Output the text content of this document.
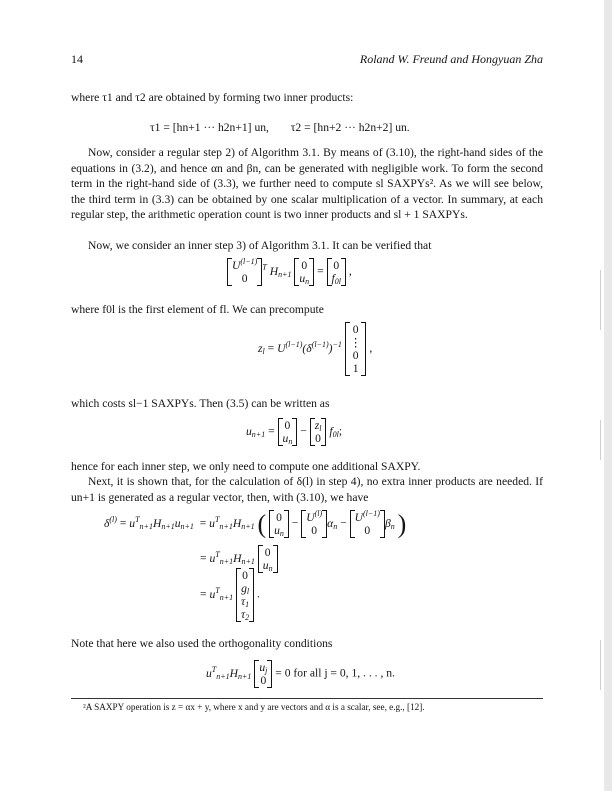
14	Roland W. Freund and Hongyuan Zha

where τ1 and τ2 are obtained by forming two inner products:

τ1 = [hn+1 ··· h2n+1] un, τ2 = [hn+2 ··· h2n+2] un.

Now, consider a regular step 2) of Algorithm 3.1. By means of (3.10), the right-hand sides of the equations in (3.2), and hence αn and βn, can be generated with negligible work. To form the second term in the right-hand side of (3.3), we further need to compute sl SAXPYs². As we will see below, the third term in (3.3) can be obtained by one scalar multiplication of a vector. In summary, at each regular step, the arithmetic operation count is two inner products and sl + 1 SAXPYs.

Now, we consider an inner step 3) of Algorithm 3.1. It can be verified that

$U^{(l-1)}$
0
$^T$ $H_{n+1}$
0
$u_n$
= 0
$f_{0l}$
,

where f0l is the first element of fl. We can precompute

$z_l = U^{(l-1)}(\delta^{(l-1)})^{-1}$
0
⋮
0
1
,

which costs sl−1 SAXPYs. Then (3.5) can be written as

$u_{n+1} = 0$
$u_n$
− $z_l$
0
$f_{0l}$;

hence for each inner step, we only need to compute one additional SAXPY.

Next, it is shown that, for the calculation of δ(l) in step 4), no extra inner products are needed. If un+1 is generated as a regular vector, then, with (3.10), we have

$\delta^{(l)} = u^T_{n+1}H_{n+1}u_{n+1} = u^T_{n+1}H_{n+1}$ ( 0
$u_n$
− $U^{(l)}$
0
$\alpha_n - U^{(l-1)}$
0
$\beta_n$ )
= $u^T_{n+1}H_{n+1}$
0
$u_n$
= $u^T_{n+1}$
0
$g_l$
$\tau_1$
$\tau_2$
.

Note that here we also used the orthogonality conditions

$u^T_{n+1}H_{n+1}$
$u_j$
0
= 0 for all j = 0, 1, . . . , n.
²A SAXPY operation is z = αx + y, where x and y are vectors and α is a scalar, see, e.g., [12].
